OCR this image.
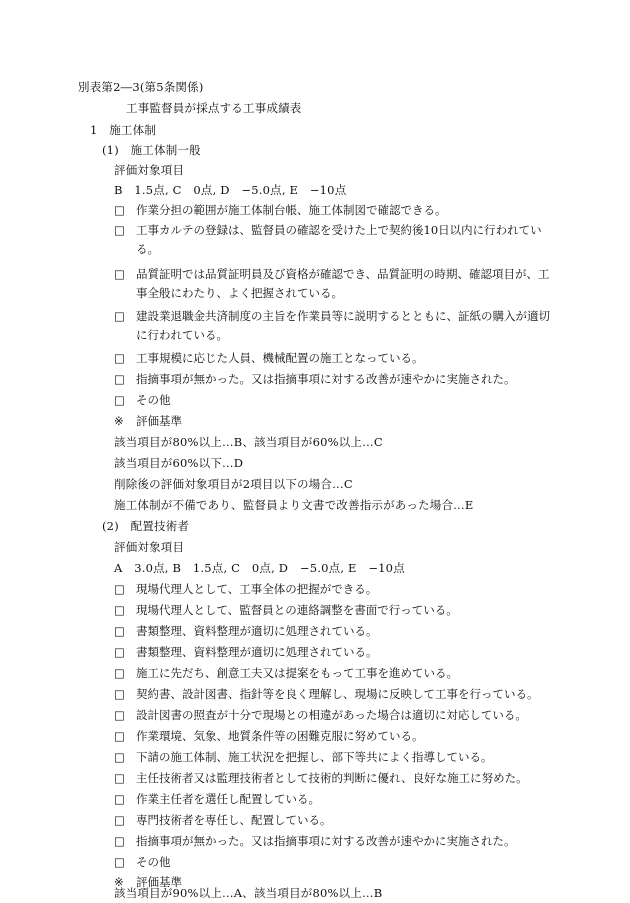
別表第2―3(第5条関係)
工事監督員が採点する工事成績表
1　施工体制
(1)　施工体制一般
評価対象項目
B　1.5点, C　0点, D　−5.0点, E　−10点
□ 作業分担の範囲が施工体制台帳、施工体制図で確認できる。
□ 工事カルテの登録は、監督員の確認を受けた上で契約後10日以内に行われている。
□ 品質証明では品質証明員及び資格が確認でき、品質証明の時期、確認項目が、工事全般にわたり、よく把握されている。
□ 建設業退職金共済制度の主旨を作業員等に説明するとともに、証紙の購入が適切に行われている。
□ 工事規模に応じた人員、機械配置の施工となっている。
□ 指摘事項が無かった。又は指摘事項に対する改善が速やかに実施された。
□ その他
※ 評価基準
該当項目が80%以上…B、該当項目が60%以上…C
該当項目が60%以下…D
削除後の評価対象項目が2項目以下の場合…C
施工体制が不備であり、監督員より文書で改善指示があった場合…E
(2)　配置技術者
評価対象項目
A　3.0点, B　1.5点, C　0点, D　−5.0点, E　−10点
□ 現場代理人として、工事全体の把握ができる。
□ 現場代理人として、監督員との連絡調整を書面で行っている。
□ 書類整理、資料整理が適切に処理されている。
□ 書類整理、資料整理が適切に処理されている。
□ 施工に先だち、創意工夫又は提案をもって工事を進めている。
□ 契約書、設計図書、指針等を良く理解し、現場に反映して工事を行っている。
□ 設計図書の照査が十分で現場との相違があった場合は適切に対応している。
□ 作業環境、気象、地質条件等の困難克服に努めている。
□ 下請の施工体制、施工状況を把握し、部下等共によく指導している。
□ 主任技術者又は監理技術者として技術的判断に優れ、良好な施工に努めた。
□ 作業主任者を選任し配置している。
□ 専門技術者を専任し、配置している。
□ 指摘事項が無かった。又は指摘事項に対する改善が速やかに実施された。
□ その他
※ 評価基準
該当項目が90%以上…A、該当項目が80%以上…B
